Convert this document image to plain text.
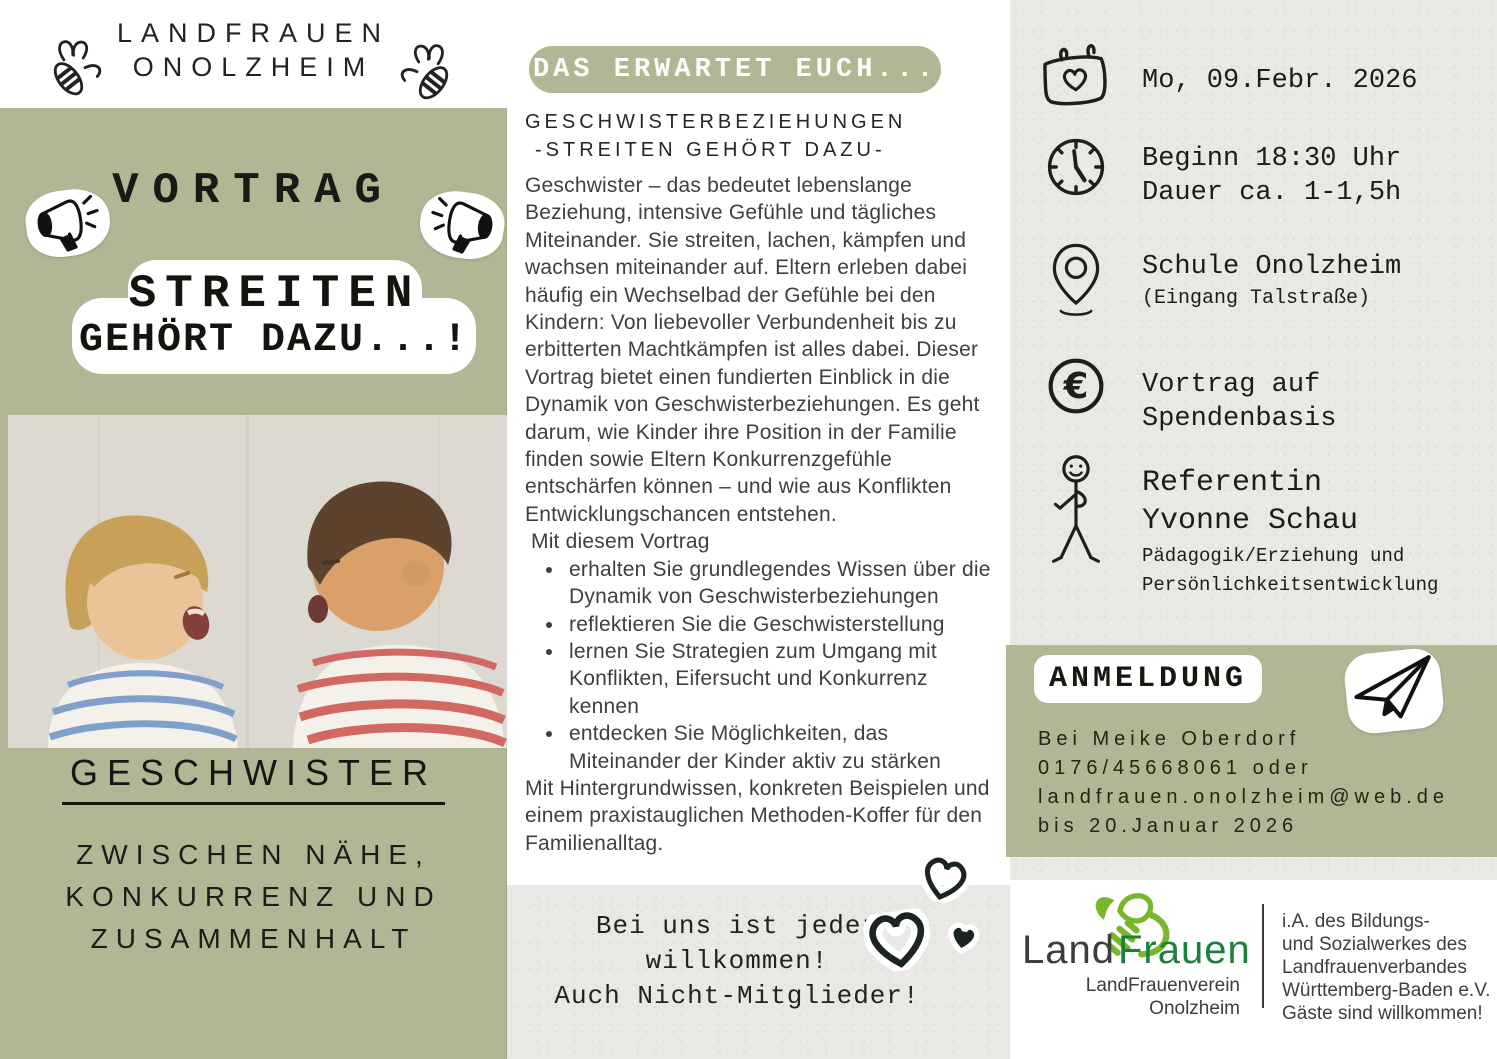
LANDFRAUEN
ONOLZHEIM
VORTRAG
STREITEN
GEHÖRT DAZU...!
GESCHWISTER
ZWISCHEN NÄHE,
KONKURRENZ UND
ZUSAMMENHALT
DAS ERWARTET EUCH...
GESCHWISTERBEZIEHUNGEN
-STREITEN GEHÖRT DAZU-

Geschwister – das bedeutet lebenslange Beziehung, intensive Gefühle und tägliches Miteinander. Sie streiten, lachen, kämpfen und wachsen miteinander auf. Eltern erleben dabei häufig ein Wechselbad der Gefühle bei den Kindern: Von liebevoller Verbundenheit bis zu erbitterten Machtkämpfen ist alles dabei. Dieser Vortrag bietet einen fundierten Einblick in die Dynamik von Geschwisterbeziehungen. Es geht darum, wie Kinder ihre Position in der Familie finden sowie Eltern Konkurrenzgefühle entschärfen können – und wie aus Konflikten Entwicklungschancen entstehen.

Mit diesem Vortrag

• erhalten Sie grundlegendes Wissen über die Dynamik von Geschwisterbeziehungen
• reflektieren Sie die Geschwisterstellung
• lernen Sie Strategien zum Umgang mit Konflikten, Eifersucht und Konkurrenz kennen
• entdecken Sie Möglichkeiten, das Miteinander der Kinder aktiv zu stärken

Mit Hintergrundwissen, konkreten Beispielen und einem praxistauglichen Methoden-Koffer für den Familienalltag.

Bei uns ist jeder
willkommen!
Auch Nicht-Mitglieder!
Mo, 09.Febr. 2026
Beginn 18:30 Uhr
Dauer ca. 1-1,5h
Schule Onolzheim
(Eingang Talstraße)
€ Vortrag auf
Spendenbasis
Referentin
Yvonne Schau
Pädagogik/Erziehung und
Persönlichkeitsentwicklung
ANMELDUNG
Bei Meike Oberdorf
0176/45668061 oder
landfrauen.onolzheim@web.de
bis 20.Januar 2026
Land Frauen
LandFrauenverein
Onolzheim
i.A. des Bildungs-
und Sozialwerkes des
Landfrauenverbandes
Württemberg-Baden e.V.
Gäste sind willkommen!
